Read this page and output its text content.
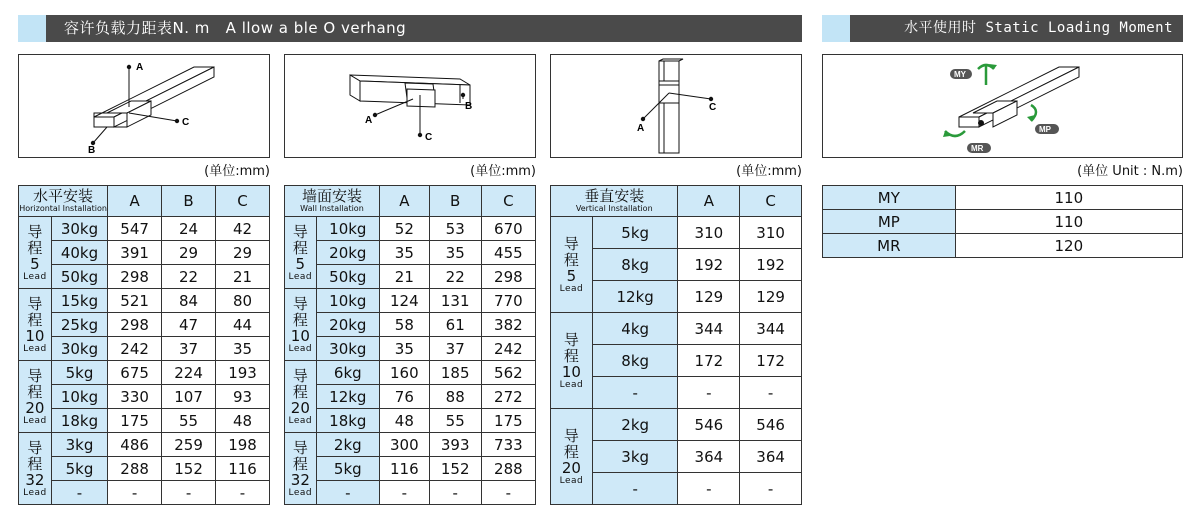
容许负载力距表N. m   A llow a ble O verhang	水平使用时 Static Loading Moment
A
C
B
C
A
B	C
A
MY
MP
MR
(单位:mm)	(单位:mm)	(单位:mm)	(单位 Unit : N.m)
水平安装
Horizontal Installation		A	B	C

导
程
5
Lead	30kg	547	24	42
	40kg	391	29	29
	50kg	298	22	21

导
程
10
Lead	15kg	521	84	80
	25kg	298	47	44
	30kg	242	37	35

导
程
20
Lead	5kg	675	224	193
	10kg	330	107	93
	18kg	175	55	48

导
程
32
Lead	3kg	486	259	198
	5kg	288	152	116
	-	-	-	-
墙面安装
Wall Installation		A	B	C

导
程
5
Lead	10kg	52	53	670
	20kg	35	35	455
	50kg	21	22	298

导
程
10
Lead	10kg	124	131	770
	20kg	58	61	382
	30kg	35	37	242

导
程
20
Lead	6kg	160	185	562
	12kg	76	88	272
	18kg	48	55	175

导
程
32
Lead	2kg	300	393	733
	5kg	116	152	288
	-	-	-	-
垂直安装
Vertical Installation		A	C

导
程
5
Lead	5kg	310	310
	8kg	192	192
	12kg	129	129

导
程
10
Lead	4kg	344	344
	8kg	172	172
	-	-	-

导
程
20
Lead	2kg	546	546
	3kg	364	364
	-	-	-
MY	110
MP	110
MR	120
